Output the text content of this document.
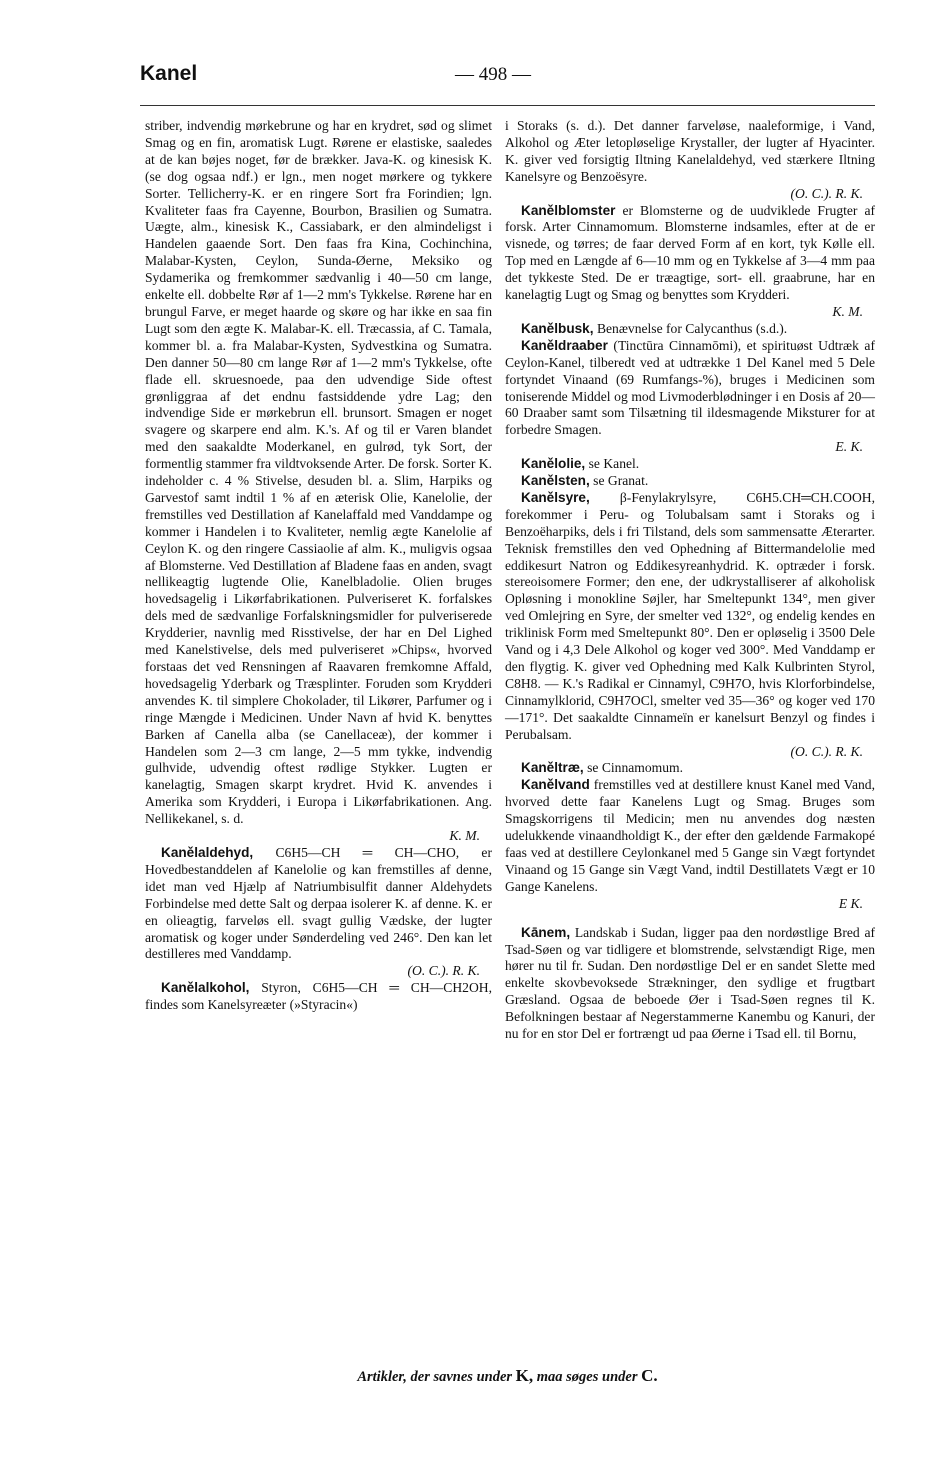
Kanel	— 498 —

striber, indvendig mørkebrune og har en krydret, sød og slimet Smag og en fin, aromatisk Lugt. Rørene er elastiske, saaledes at de kan bøjes noget, før de brækker. Java-K. og kinesisk K. (se dog ogsaa ndf.) er lgn., men noget mørkere og tykkere Sorter. Tellicherry-K. er en ringere Sort fra Forindien; lgn. Kvaliteter faas fra Cayenne, Bourbon, Brasilien og Sumatra. Uægte, alm., kinesisk K., Cassiabark, er den almindeligst i Handelen gaaende Sort. Den faas fra Kina, Cochinchina, Malabar-Kysten, Ceylon, Sunda-Øerne, Meksiko og Sydamerika og fremkommer sædvanlig i 40—50 cm lange, enkelte ell. dobbelte Rør af 1—2 mm's Tykkelse. Rørene har en brungul Farve, er meget haarde og skøre og har ikke en saa fin Lugt som den ægte K. Malabar-K. ell. Træcassia, af C. Tamala, kommer bl. a. fra Malabar-Kysten, Sydvestkina og Sumatra. Den danner 50—80 cm lange Rør af 1—2 mm's Tykkelse, ofte flade ell. skruesnoede, paa den udvendige Side oftest grønliggraa af det endnu fastsiddende ydre Lag; den indvendige Side er mørkebrun ell. brunsort. Smagen er noget svagere og skarpere end alm. K.'s. Af og til er Varen blandet med den saakaldte Moderkanel, en gulrød, tyk Sort, der formentlig stammer fra vildtvoksende Arter. De forsk. Sorter K. indeholder c. 4 % Stivelse, desuden bl. a. Slim, Harpiks og Garvestof samt indtil 1 % af en æterisk Olie, Kanelolie, der fremstilles ved Destillation af Kanelaffald med Vanddampe og kommer i Handelen i to Kvaliteter, nemlig ægte Kanelolie af Ceylon K. og den ringere Cassiaolie af alm. K., muligvis ogsaa af Blomsterne. Ved Destillation af Bladene faas en anden, svagt nellikeagtig lugtende Olie, Kanelbladolie. Olien bruges hovedsagelig i Likørfabrikationen. Pulveriseret K. forfalskes dels med de sædvanlige Forfalskningsmidler for pulveriserede Krydderier, navnlig med Risstivelse, der har en Del Lighed med Kanelstivelse, dels med pulveriseret »Chips«, hvorved forstaas det ved Rensningen af Raavaren fremkomne Affald, hovedsagelig Yderbark og Træsplinter. Foruden som Krydderi anvendes K. til simplere Chokolader, til Likører, Parfumer og i ringe Mængde i Medicinen. Under Navn af hvid K. benyttes Barken af Canella alba (se Canellaceæ), der kommer i Handelen som 2—3 cm lange, 2—5 mm tykke, indvendig gulhvide, udvendig oftest rødlige Stykker. Lugten er kanelagtig, Smagen skarpt krydret. Hvid K. anvendes i Amerika som Krydderi, i Europa i Likørfabrikationen. Ang. Nellikekanel, s. d.

K. M.

Kanělaldehyd, C6H5—CH ═ CH—CHO, er Hovedbestanddelen af Kanelolie og kan fremstilles af denne, idet man ved Hjælp af Natriumbisulfit danner Aldehydets Forbindelse med dette Salt og derpaa isolerer K. af denne. K. er en olieagtig, farveløs ell. svagt gullig Vædske, der lugter aromatisk og koger under Sønderdeling ved 246°. Den kan let destilleres med Vanddamp.

(O. C.). R. K.

Kanělalkohol, Styron, C6H5—CH ═ CH—CH2OH, findes som Kanelsyreæter (»Styracin«)

i Storaks (s. d.). Det danner farveløse, naaleformige, i Vand, Alkohol og Æter letopløselige Krystaller, der lugter af Hyacinter. K. giver ved forsigtig Iltning Kanelaldehyd, ved stærkere Iltning Kanelsyre og Benzoësyre.

(O. C.). R. K.

Kanělblomster er Blomsterne og de uudviklede Frugter af forsk. Arter Cinnamomum. Blomsterne indsamles, efter at de er visnede, og tørres; de faar derved Form af en kort, tyk Kølle ell. Top med en Længde af 6—10 mm og en Tykkelse af 3—4 mm paa det tykkeste Sted. De er træagtige, sort- ell. graabrune, har en kanelagtig Lugt og Smag og benyttes som Krydderi.

K. M.

Kanělbusk, Benævnelse for Calycanthus (s.d.).

Kaněldraaber (Tinctūra Cinnamōmi), et spirituøst Udtræk af Ceylon-Kanel, tilberedt ved at udtrække 1 Del Kanel med 5 Dele fortyndet Vinaand (69 Rumfangs-%), bruges i Medicinen som toniserende Middel og mod Livmoderblødninger i en Dosis af 20—60 Draaber samt som Tilsætning til ildesmagende Miksturer for at forbedre Smagen.

E. K.

Kanělolie, se Kanel.

Kanělsten, se Granat.

Kanělsyre, β-Fenylakrylsyre, C6H5.CH═CH.COOH, forekommer i Peru- og Tolubalsam samt i Storaks og i Benzoëharpiks, dels i fri Tilstand, dels som sammensatte Æterarter. Teknisk fremstilles den ved Ophedning af Bittermandelolie med eddikesurt Natron og Eddikesyreanhydrid. K. optræder i forsk. stereoisomere Former; den ene, der udkrystalliserer af alkoholisk Opløsning i monokline Søjler, har Smeltepunkt 134°, men giver ved Omlejring en Syre, der smelter ved 132°, og endelig kendes en triklinisk Form med Smeltepunkt 80°. Den er opløselig i 3500 Dele Vand og i 4,3 Dele Alkohol og koger ved 300°. Med Vanddamp er den flygtig. K. giver ved Ophedning med Kalk Kulbrinten Styrol, C8H8. — K.'s Radikal er Cinnamyl, C9H7O, hvis Klorforbindelse, Cinnamylklorid, C9H7OCl, smelter ved 35—36° og koger ved 170—171°. Det saakaldte Cinnameïn er kanelsurt Benzyl og findes i Perubalsam.

(O. C.). R. K.

Kaněltræ, se Cinnamomum.

Kanělvand fremstilles ved at destillere knust Kanel med Vand, hvorved dette faar Kanelens Lugt og Smag. Bruges som Smagskorrigens til Medicin; men nu anvendes dog næsten udelukkende vinaandholdigt K., der efter den gældende Farmakopé faas ved at destillere Ceylonkanel med 5 Gange sin Vægt fortyndet Vinaand og 15 Gange sin Vægt Vand, indtil Destillatets Vægt er 10 Gange Kanelens.

E K.

Kānem, Landskab i Sudan, ligger paa den nordøstlige Bred af Tsad-Søen og var tidligere et blomstrende, selvstændigt Rige, men hører nu til fr. Sudan. Den nordøstlige Del er en sandet Slette med enkelte skovbevoksede Strækninger, den sydlige et frugtbart Græsland. Ogsaa de beboede Øer i Tsad-Søen regnes til K. Befolkningen bestaar af Negerstammerne Kanembu og Kanuri, der nu for en stor Del er fortrængt ud paa Øerne i Tsad ell. til Bornu,

Artikler, der savnes under K, maa søges under C.
